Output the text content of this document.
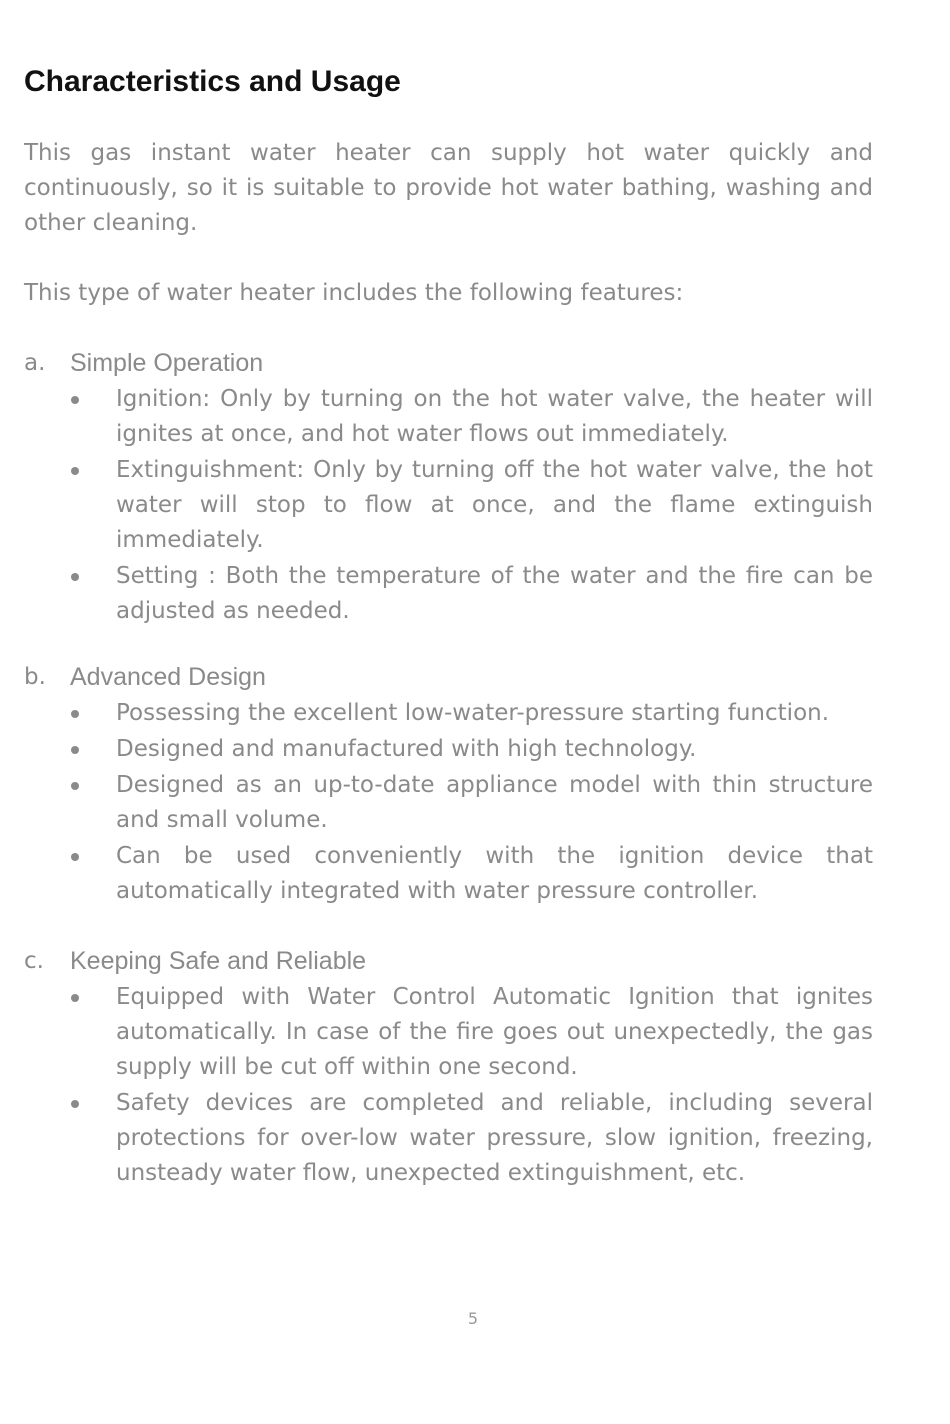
Characteristics and Usage

This gas instant water heater can supply hot water quickly and continuously, so it is suitable to provide hot water bathing, washing and other cleaning.

This type of water heater includes the following features:

a. Simple Operation
Ignition: Only by turning on the hot water valve, the heater will ignites at once, and hot water flows out immediately.
Extinguishment: Only by turning off the hot water valve, the hot water will stop to flow at once, and the flame extinguish immediately.
Setting : Both the temperature of the water and the fire can be adjusted as needed.
b. Advanced Design
Possessing the excellent low-water-pressure starting function.
Designed and manufactured with high technology.
Designed as an up-to-date appliance model with thin structure and small volume.
Can be used conveniently with the ignition device that automatically integrated with water pressure controller.
c. Keeping Safe and Reliable
Equipped with Water Control Automatic Ignition that ignites automatically. In case of the fire goes out unexpectedly, the gas supply will be cut off within one second.
Safety devices are completed and reliable, including several protections for over-low water pressure, slow ignition, freezing, unsteady water flow, unexpected extinguishment, etc.
5
